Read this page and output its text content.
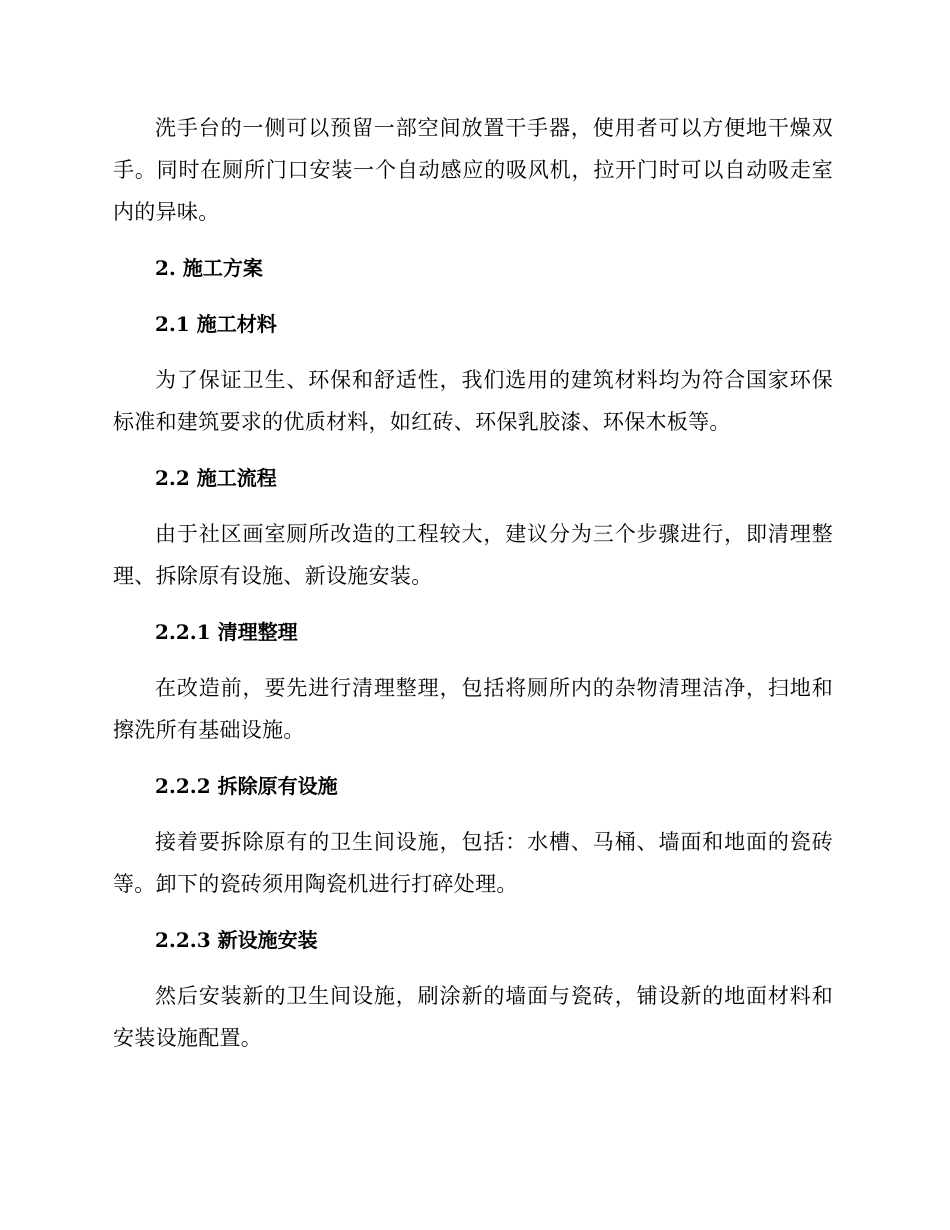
洗手台的一侧可以预留一部空间放置干手器，使用者可以方便地干燥双手。同时在厕所门口安装一个自动感应的吸风机，拉开门时可以自动吸走室内的异味。

2. 施工方案
2.1 施工材料

为了保证卫生、环保和舒适性，我们选用的建筑材料均为符合国家环保标准和建筑要求的优质材料，如红砖、环保乳胶漆、环保木板等。

2.2 施工流程

由于社区画室厕所改造的工程较大，建议分为三个步骤进行，即清理整理、拆除原有设施、新设施安装。

2.2.1 清理整理

在改造前，要先进行清理整理，包括将厕所内的杂物清理洁净，扫地和擦洗所有基础设施。

2.2.2 拆除原有设施

接着要拆除原有的卫生间设施，包括：水槽、马桶、墙面和地面的瓷砖等。卸下的瓷砖须用陶瓷机进行打碎处理。

2.2.3 新设施安装

然后安装新的卫生间设施，刷涂新的墙面与瓷砖，铺设新的地面材料和安装设施配置。
